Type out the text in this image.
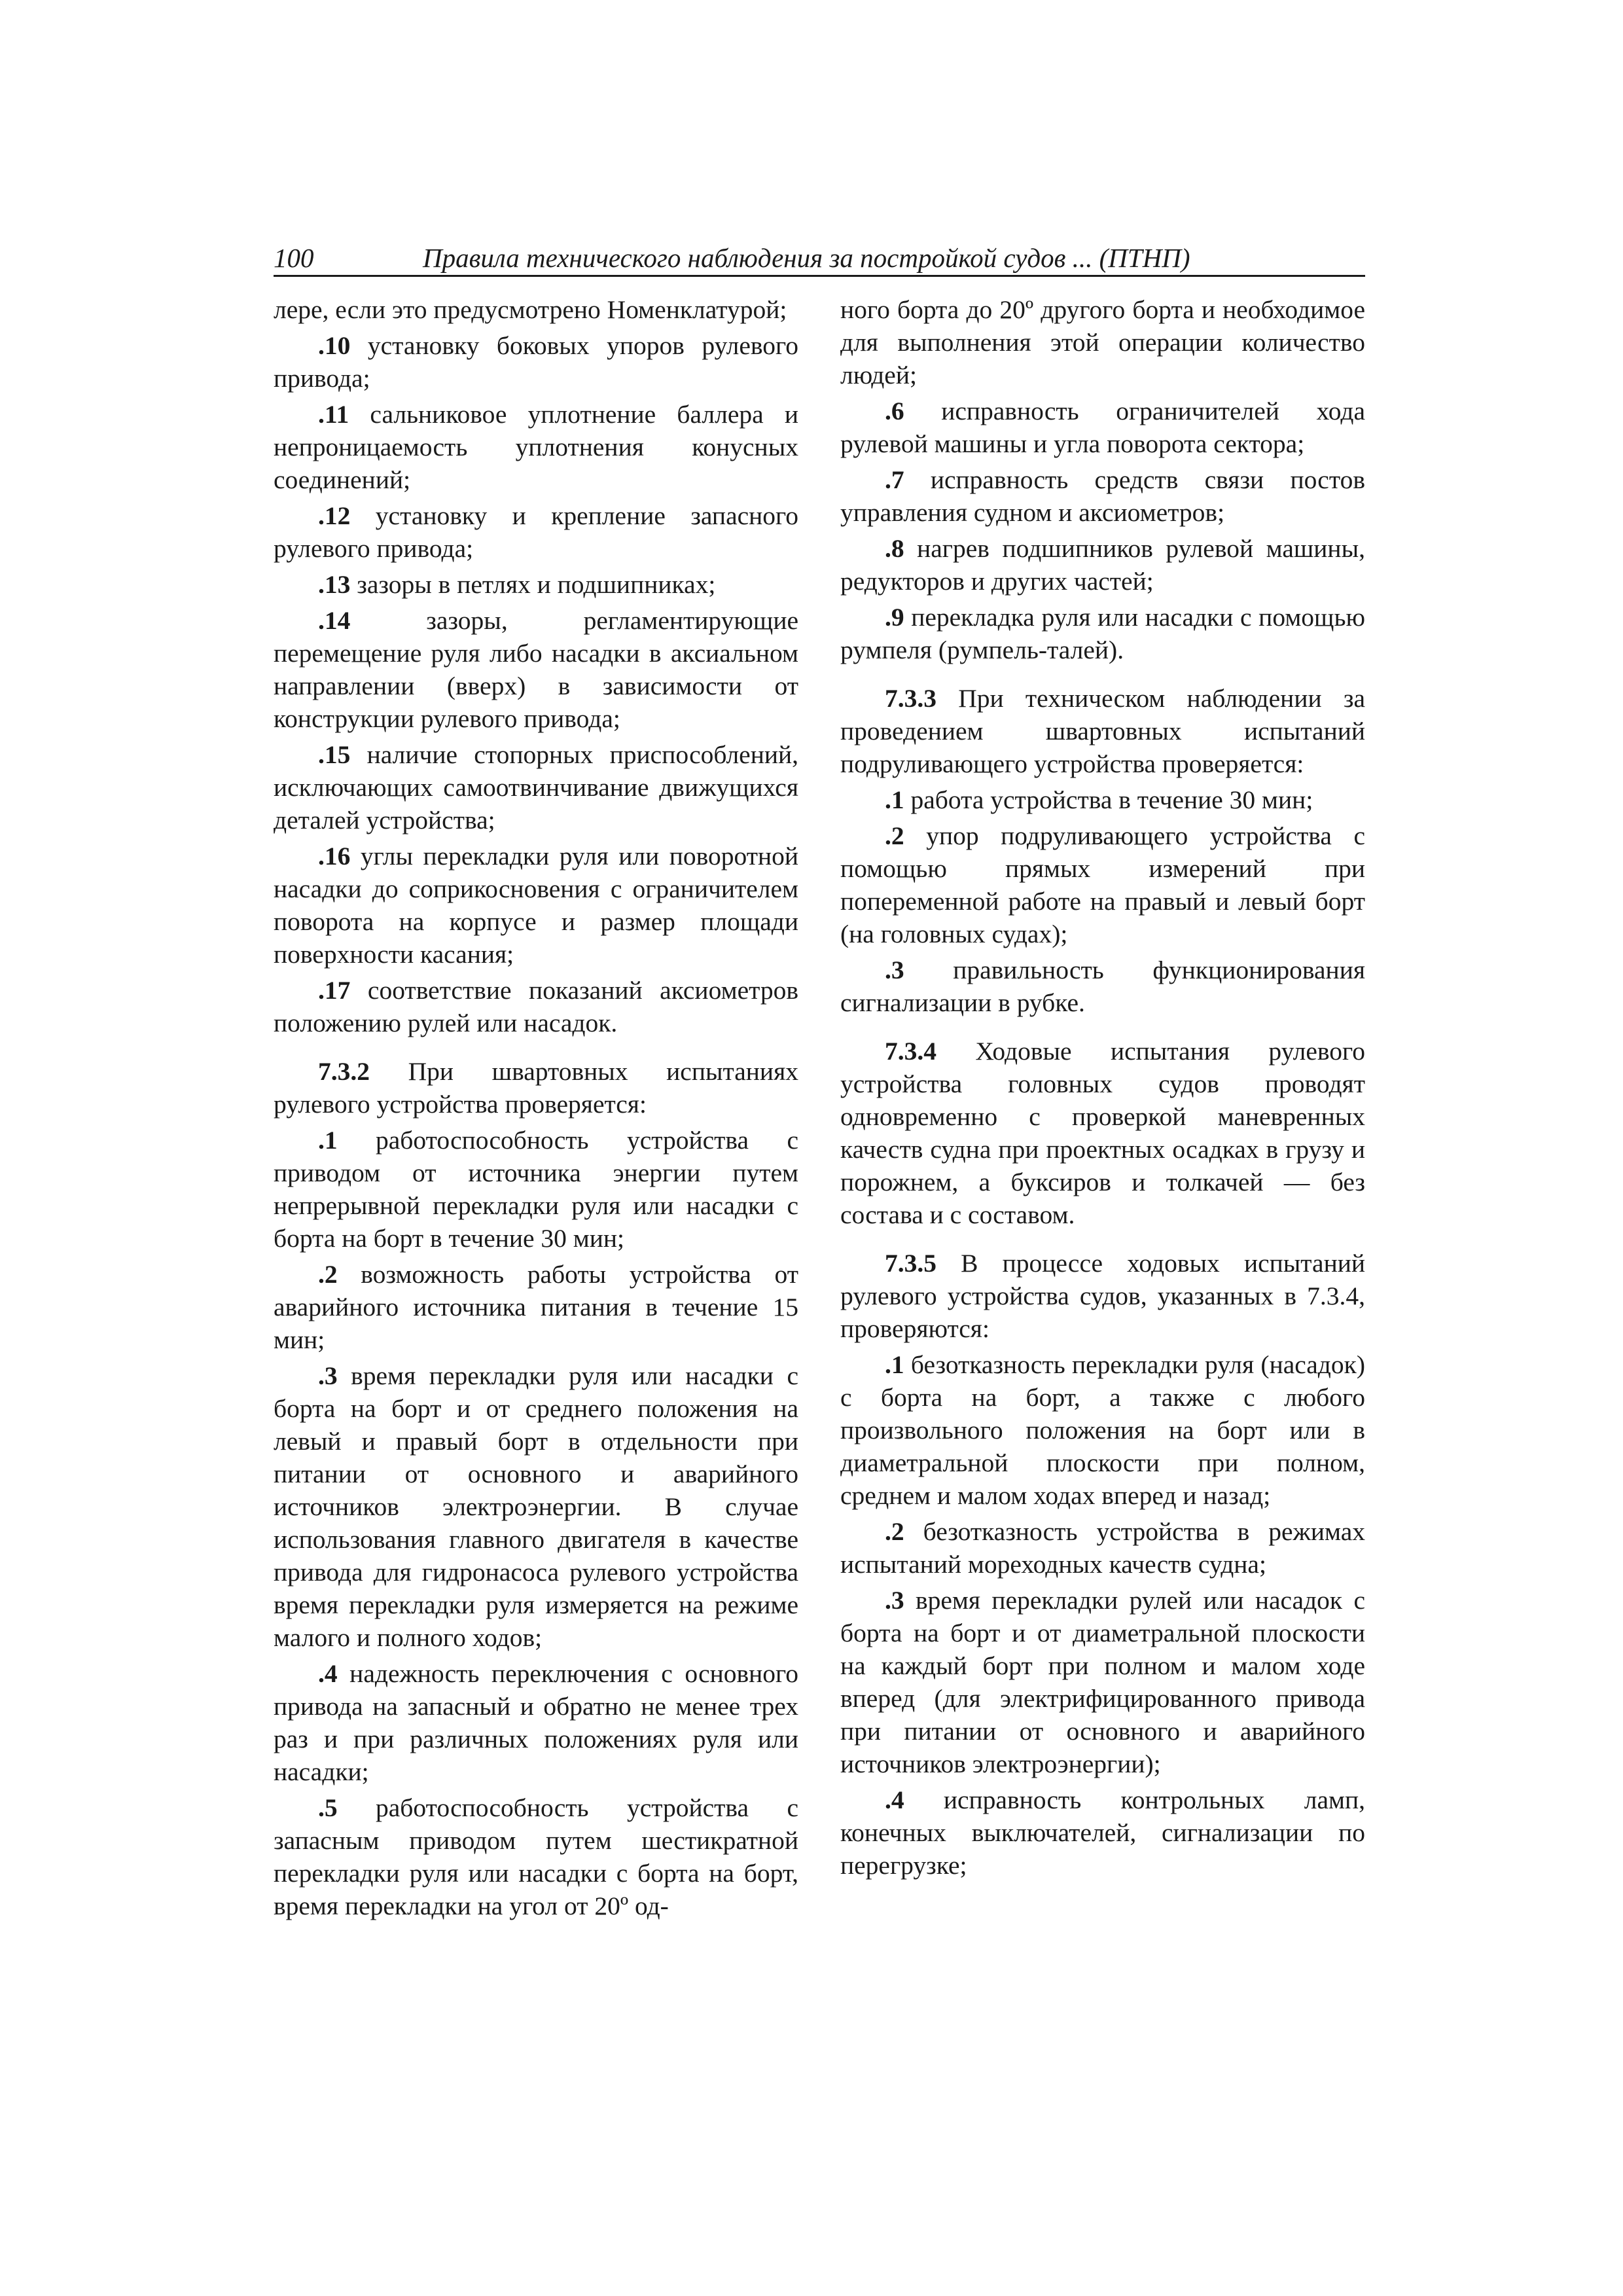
100	Правила технического наблюдения за постройкой судов ... (ПТНП)

лере, если это предусмотрено Номенклатурой;

.10 установку боковых упоров рулевого привода;

.11 сальниковое уплотнение баллера и непроницаемость уплотнения конусных соединений;

.12 установку и крепление запасного рулевого привода;

.13 зазоры в петлях и подшипниках;

.14 зазоры, регламентирующие перемещение руля либо насадки в аксиальном направлении (вверх) в зависимости от конструкции рулевого привода;

.15 наличие стопорных приспособлений, исключающих самоотвинчивание движущихся деталей устройства;

.16 углы перекладки руля или поворотной насадки до соприкосновения с ограничителем поворота на корпусе и размер площади поверхности касания;

.17 соответствие показаний аксиометров положению рулей или насадок.

7.3.2 При швартовных испытаниях рулевого устройства проверяется:

.1 работоспособность устройства с приводом от источника энергии путем непрерывной перекладки руля или насадки с борта на борт в течение 30 мин;

.2 возможность работы устройства от аварийного источника питания в течение 15 мин;

.3 время перекладки руля или насадки с борта на борт и от среднего положения на левый и правый борт в отдельности при питании от основного и аварийного источников электроэнергии. В случае использования главного двигателя в качестве привода для гидронасоса рулевого устройства время перекладки руля измеряется на режиме малого и полного ходов;

.4 надежность переключения с основного привода на запасный и обратно не менее трех раз и при различных положениях руля или насадки;

.5 работоспособность устройства с запасным приводом путем шестикратной перекладки руля или насадки с борта на борт, время перекладки на угол от 20º од-

ного борта до 20º другого борта и необходимое для выполнения этой операции количество людей;

.6 исправность ограничителей хода рулевой машины и угла поворота сектора;

.7 исправность средств связи постов управления судном и аксиометров;

.8 нагрев подшипников рулевой машины, редукторов и других частей;

.9 перекладка руля или насадки с помощью румпеля (румпель-талей).

7.3.3 При техническом наблюдении за проведением швартовных испытаний подруливающего устройства проверяется:

.1 работа устройства в течение 30 мин;

.2 упор подруливающего устройства с помощью прямых измерений при попеременной работе на правый и левый борт (на головных судах);

.3 правильность функционирования сигнализации в рубке.

7.3.4 Ходовые испытания рулевого устройства головных судов проводят одновременно с проверкой маневренных качеств судна при проектных осадках в грузу и порожнем, а буксиров и толкачей — без состава и с составом.

7.3.5 В процессе ходовых испытаний рулевого устройства судов, указанных в 7.3.4, проверяются:

.1 безотказность перекладки руля (насадок) с борта на борт, а также с любого произвольного положения на борт или в диаметральной плоскости при полном, среднем и малом ходах вперед и назад;

.2 безотказность устройства в режимах испытаний мореходных качеств судна;

.3 время перекладки рулей или насадок с борта на борт и от диаметральной плоскости на каждый борт при полном и малом ходе вперед (для электрифицированного привода при питании от основного и аварийного источников электроэнергии);

.4 исправность контрольных ламп, конечных выключателей, сигнализации по перегрузке;
